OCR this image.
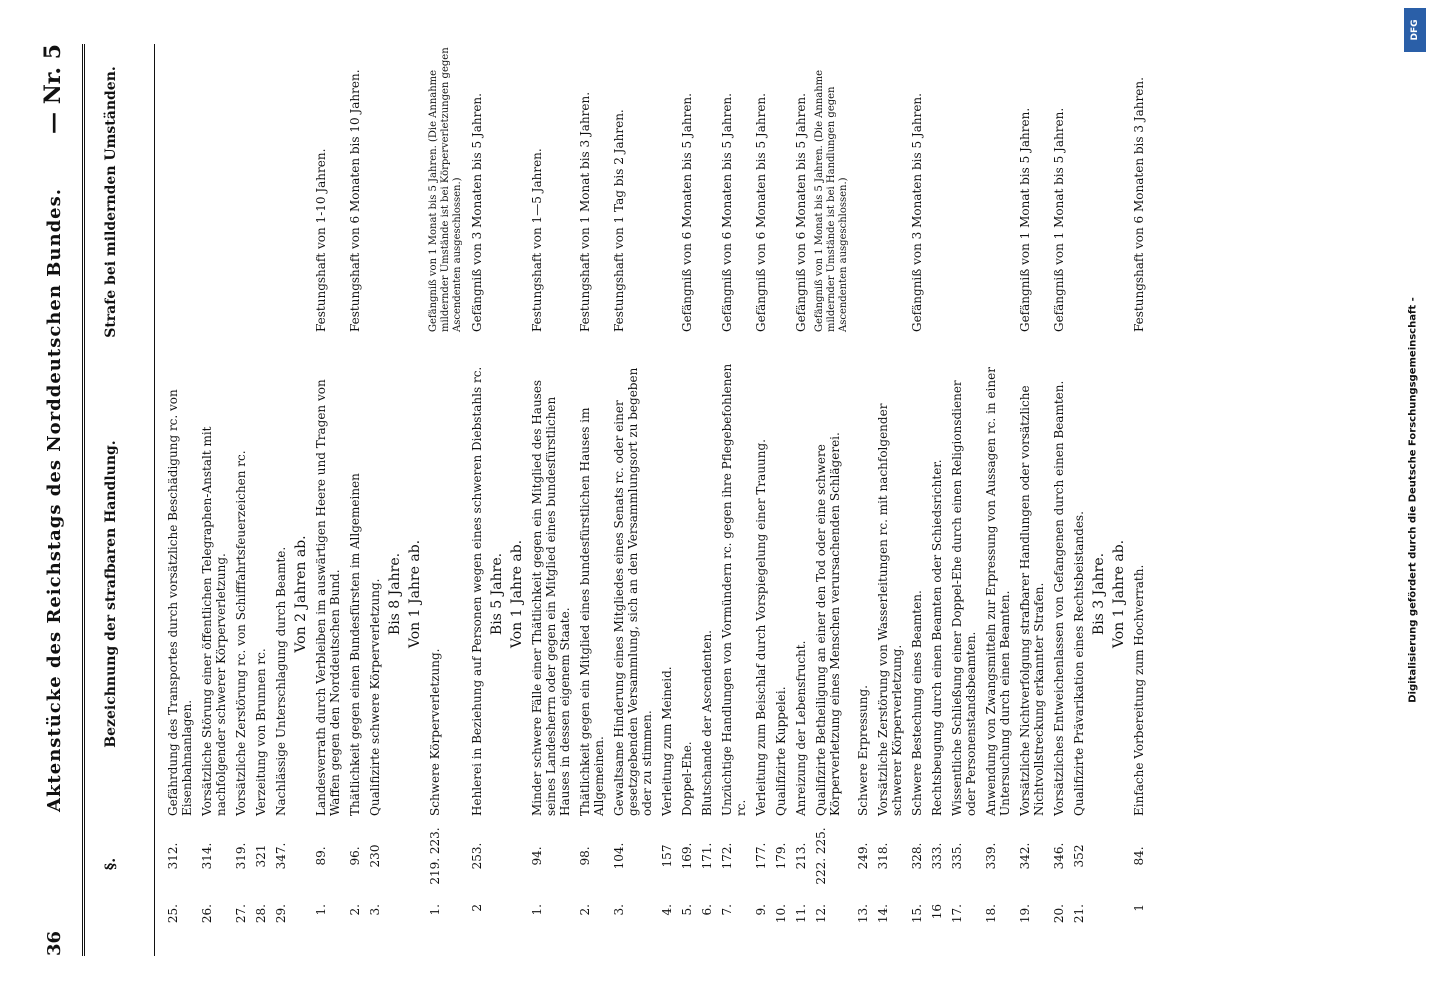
36
Aktenstücke des Reichstags des Norddeutschen Bundes.
— Nr. 5
§.
Bezeichnung der strafbaren Handlung.
Strafe bei mildernden Umständen.
25.
312.
Gefährdung des Transportes durch vorsätzliche Beschädigung rc. von Eisenbahnanlagen.
26.
314.
Vorsätzliche Störung einer öffentlichen Telegraphen-Anstalt mit nachfolgender schwerer Körperverletzung.
27.
319.
Vorsätzliche Zerstörung rc. von Schifffahrtsfeuerzeichen rc.
28.
321
Verzeitung von Brunnen rc.
29.
347.
Nachlässige Unterschlagung durch Beamte. Von 2 Jahren ab.
1.
89.
Landesverrath durch Verbleiben im auswärtigen Heere und Tragen von Waffen gegen den Norddeutschen Bund.
Festungshaft von 1-10 Jahren.
2.
96.
Thätlichkeit gegen einen Bundesfürsten im Allgemeinen
Festungshaft von 6 Monaten bis 10 Jahren.
3.
230
Qualifizirte schwere Körperverletzung. Bis 8 Jahre. Von 1 Jahre ab.
1.
219. 223.
Schwere Körperverletzung.
Gefängniß von 1 Monat bis 5 Jahren. (Die Annahme mildernder Umstände ist bei Körperverletzungen gegen Ascendenten ausgeschlossen.)
2
253.
Hehlerei in Beziehung auf Personen wegen eines schweren Diebstahls rc.
Gefängniß von 3 Monaten bis 5 Jahren.
Bis 5 Jahre. Von 1 Jahre ab.
1.
94.
Minder schwere Fälle einer Thätlichkeit gegen ein Mitglied des Hauses seines Landesherrn oder gegen ein Mitglied eines bundesfürstlichen Hauses in dessen eigenem Staate.
Festungshaft von 1—5 Jahren.
2.
98.
Thätlichkeit gegen ein Mitglied eines bundesfürstlichen Hauses im Allgemeinen.
Festungshaft von 1 Monat bis 3 Jahren.
3.
104.
Gewaltsame Hinderung eines Mitgliedes eines Senats rc. oder einer gesetzgebenden Versammlung, sich an den Versammlungsort zu begeben oder zu stimmen.
Festungshaft von 1 Tag bis 2 Jahren.
4.
157
Verleitung zum Meineid.
5.
169.
Doppel-Ehe.
Gefängniß von 6 Monaten bis 5 Jahren.
6.
171.
Blutschande der Ascendenten.
7.
172.
Unzüchtige Handlungen von Vormündern rc. gegen ihre Pflegebefohlenen rc.
Gefängniß von 6 Monaten bis 5 Jahren.
9.
177.
Verleitung zum Beischlaf durch Vorspiegelung einer Trauung.
Gefängniß von 6 Monaten bis 5 Jahren.
10.
179.
Qualifizirte Kuppelei.
11.
213.
Anreizung der Lebensfrucht.
Gefängniß von 6 Monaten bis 5 Jahren.
12.
222. 225.
Qualifizirte Betheiligung an einer den Tod oder eine schwere Körperverletzung eines Menschen verursachenden Schlägerei.
Gefängniß von 1 Monat bis 5 Jahren. (Die Annahme mildernder Umstände ist bei Handlungen gegen Ascendenten ausgeschlossen.)
13.
249.
Schwere Erpressung.
14.
318.
Vorsätzliche Zerstörung von Wasserleitungen rc. mit nachfolgender schwerer Körperverletzung.
15.
328.
Schwere Bestechung eines Beamten.
Gefängniß von 3 Monaten bis 5 Jahren.
16
333.
Rechtsbeugung durch einen Beamten oder Schiedsrichter.
17.
335.
Wissentliche Schließung einer Doppel-Ehe durch einen Religionsdiener oder Personenstandsbeamten.
18.
339.
Anwendung von Zwangsmitteln zur Erpressung von Aussagen rc. in einer Untersuchung durch einen Beamten.
19.
342.
Vorsätzliche Nichtverfolgung strafbarer Handlungen oder vorsätzliche Nichtvollstreckung erkannter Strafen.
Gefängniß von 1 Monat bis 5 Jahren.
20.
346.
Vorsätzliches Entweichenlassen von Gefangenen durch einen Beamten.
Gefängniß von 1 Monat bis 5 Jahren.
21.
352
Qualifizirte Prävarikation eines Rechtsbeistandes. Bis 3 Jahre. Von 1 Jahre ab.
1
84.
Einfache Vorbereitung zum Hochverrath.
Festungshaft von 6 Monaten bis 3 Jahren.
DFG
Digitalisierung gefördert durch die Deutsche Forschungsgemeinschaft -
